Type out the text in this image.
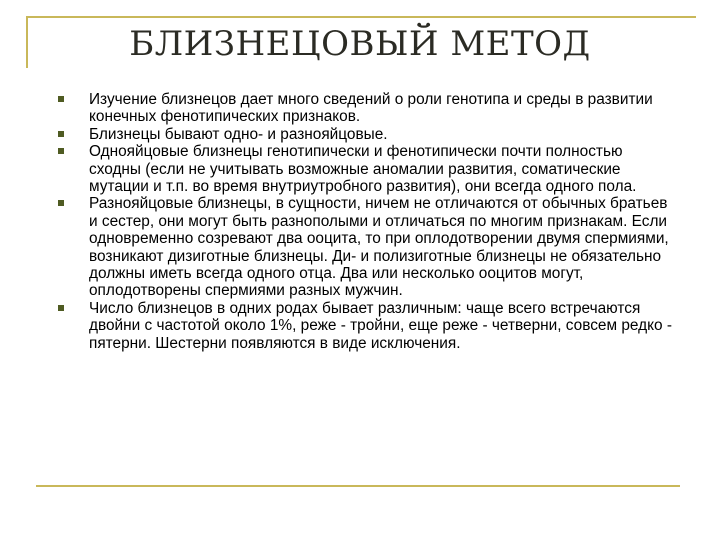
БЛИЗНЕЦОВЫЙ МЕТОД
Изучение близнецов дает много сведений о роли генотипа и среды в развитии конечных фенотипических признаков.
Близнецы бывают одно- и разнояйцовые.
Однояйцовые близнецы генотипически и фенотипически почти полностью сходны (если не учитывать возможные аномалии развития, соматические мутации и т.п. во время внутриутробного развития), они всегда одного пола.
Разнояйцовые близнецы, в сущности, ничем не отличаются от обычных братьев и сестер, они могут быть разнополыми и отличаться по многим признакам. Если одновременно созревают два ооцита, то при оплодотворении двумя спермиями, возникают дизиготные близнецы. Ди- и полизиготные близнецы не обязательно должны иметь всегда одного отца. Два или несколько ооцитов могут, оплодотворены спермиями разных мужчин.
Число близнецов в одних родах бывает различным: чаще всего встречаются двойни с частотой около 1%, реже - тройни, еще реже - четверни, совсем редко - пятерни. Шестерни появляются в виде исключения.
